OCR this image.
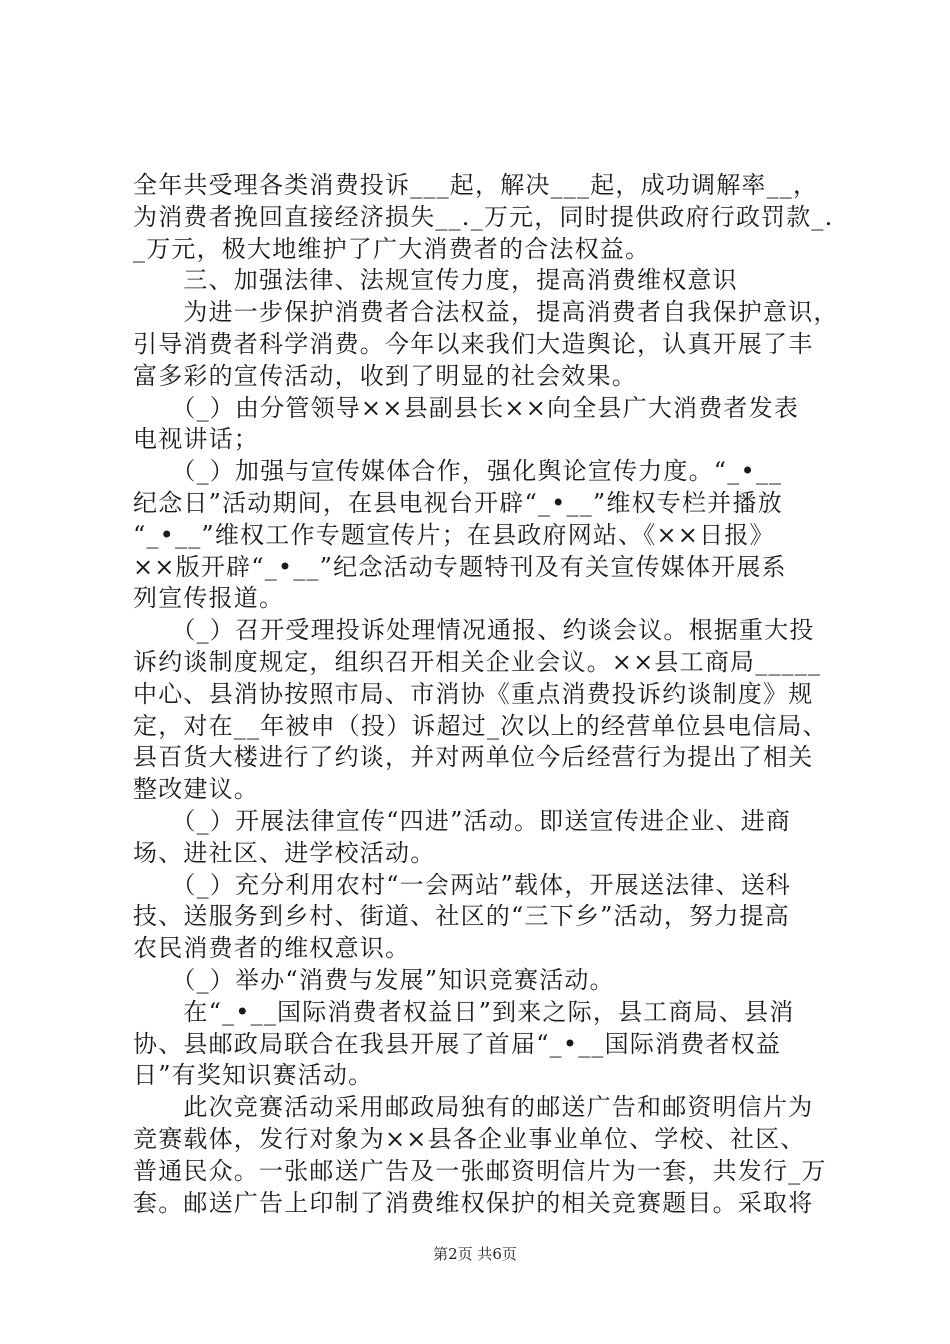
全年共受理各类消费投诉___起，解决___起，成功调解率__，
为消费者挽回直接经济损失__._万元，同时提供政府行政罚款_.
_万元，极大地维护了广大消费者的合法权益。
　　三、加强法律、法规宣传力度，提高消费维权意识
　　为进一步保护消费者合法权益，提高消费者自我保护意识，
引导消费者科学消费。今年以来我们大造舆论，认真开展了丰
富多彩的宣传活动，收到了明显的社会效果。
　　（_）由分管领导××县副县长××向全县广大消费者发表
电视讲话；
　　（_）加强与宣传媒体合作，强化舆论宣传力度。“_•__
纪念日”活动期间，在县电视台开辟“_•__”维权专栏并播放
“_•__”维权工作专题宣传片；在县政府网站、《××日报》
××版开辟“_•__”纪念活动专题特刊及有关宣传媒体开展系
列宣传报道。
　　（_）召开受理投诉处理情况通报、约谈会议。根据重大投
诉约谈制度规定，组织召开相关企业会议。××县工商局_____
中心、县消协按照市局、市消协《重点消费投诉约谈制度》规
定，对在__年被申（投）诉超过_次以上的经营单位县电信局、
县百货大楼进行了约谈，并对两单位今后经营行为提出了相关
整改建议。
　　（_）开展法律宣传“四进”活动。即送宣传进企业、进商
场、进社区、进学校活动。
　　（_）充分利用农村“一会两站”载体，开展送法律、送科
技、送服务到乡村、街道、社区的“三下乡”活动，努力提高
农民消费者的维权意识。
　　（_）举办“消费与发展”知识竞赛活动。
　　在“_•__国际消费者权益日”到来之际，县工商局、县消
协、县邮政局联合在我县开展了首届“_•__国际消费者权益
日”有奖知识赛活动。
　　此次竞赛活动采用邮政局独有的邮送广告和邮资明信片为
竞赛载体，发行对象为××县各企业事业单位、学校、社区、
普通民众。一张邮送广告及一张邮资明信片为一套，共发行_万
套。邮送广告上印制了消费维权保护的相关竞赛题目。采取将
第2页 共6页
